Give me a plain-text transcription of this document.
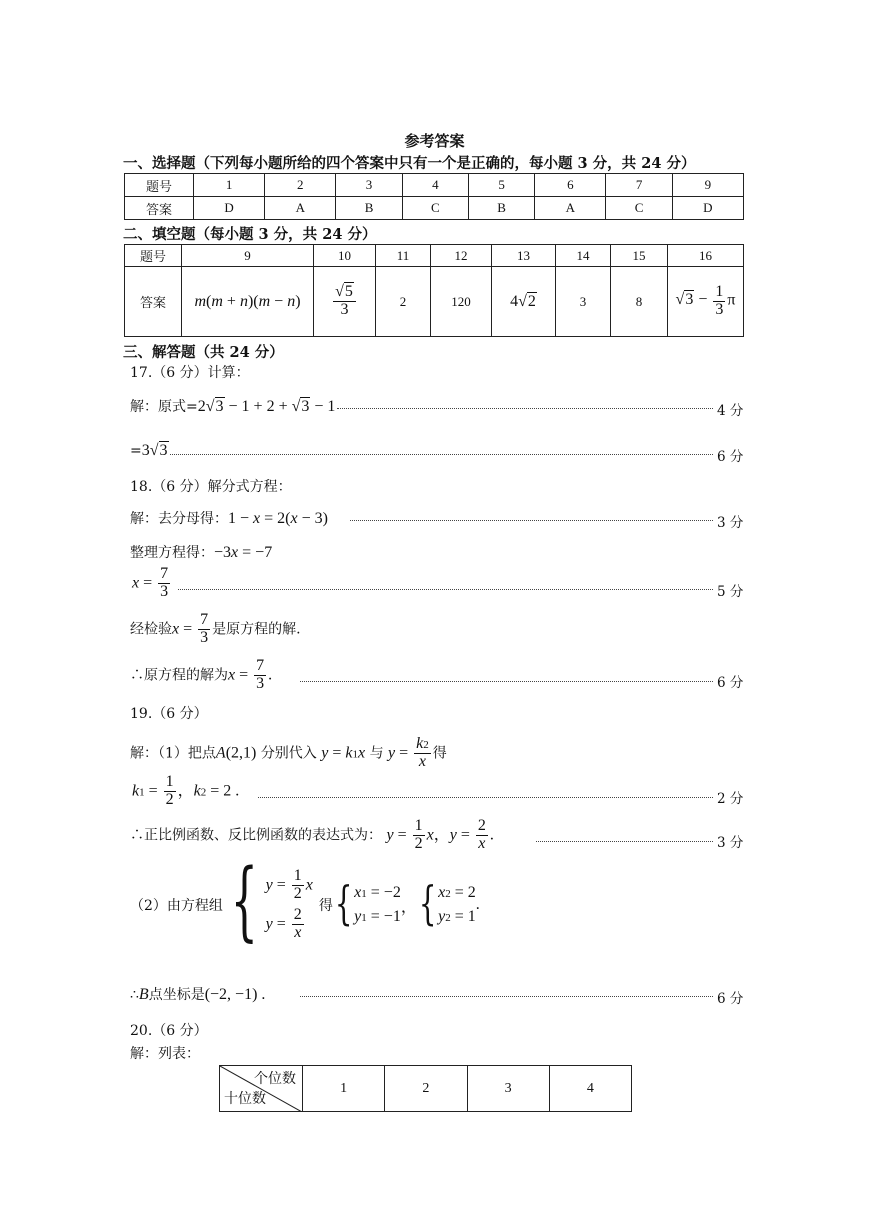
参考答案
一、选择题（下列每小题所给的四个答案中只有一个是正确的，每小题 3 分，共 24 分）
题号	1	2	3	4	5	6	7	9
答案	D	A	B	C	B	A	C	D
二、填空题（每小题 3 分，共 24 分）
题号	9	10	11	12	13	14	15	16
答案	m(m + n)(m − n)	$\frac{√5}{3}$	2	120	4√2	3	8	$√3 - \frac{1}{3}$ π
三、解答题（共 24 分）
17.（6 分）计算：
解：原式=2√3 − 1 + 2 + √3 − 1	4 分
=3√3	6 分
18.（6 分）解分式方程：
解：去分母得：1 − x = 2(x − 3)	3 分
整理方程得：−3x = −7
$x = \frac{7}{3}$	5 分
经检验$x = \frac{7}{3}$ 是原方程的解.
∴原方程的解为$x = \frac{7}{3}$ .	6 分
19.（6 分）
解：（1）把点A(2,1) 分别代入 y = k1x 与 $y = \frac{k2}{x}$ 得
$k1 = \frac{1}{2}$ ，k2 = 2 .	2 分
∴正比例函数、反比例函数的表达式为： $y = \frac{1}{2}$ x，$y = \frac{2}{x}$ .	3 分
（2）由方程组 { $y = \frac{1}{2}$ x
$y = \frac{2}{x}$
得 { x1 = −2
y1 = −1
， { x2 = 2
y2 = 1
.
∴B点坐标是(−2, −1) .	6 分
20.（6 分）
解：列表：
个位数
十位数
	1	2	3	4
